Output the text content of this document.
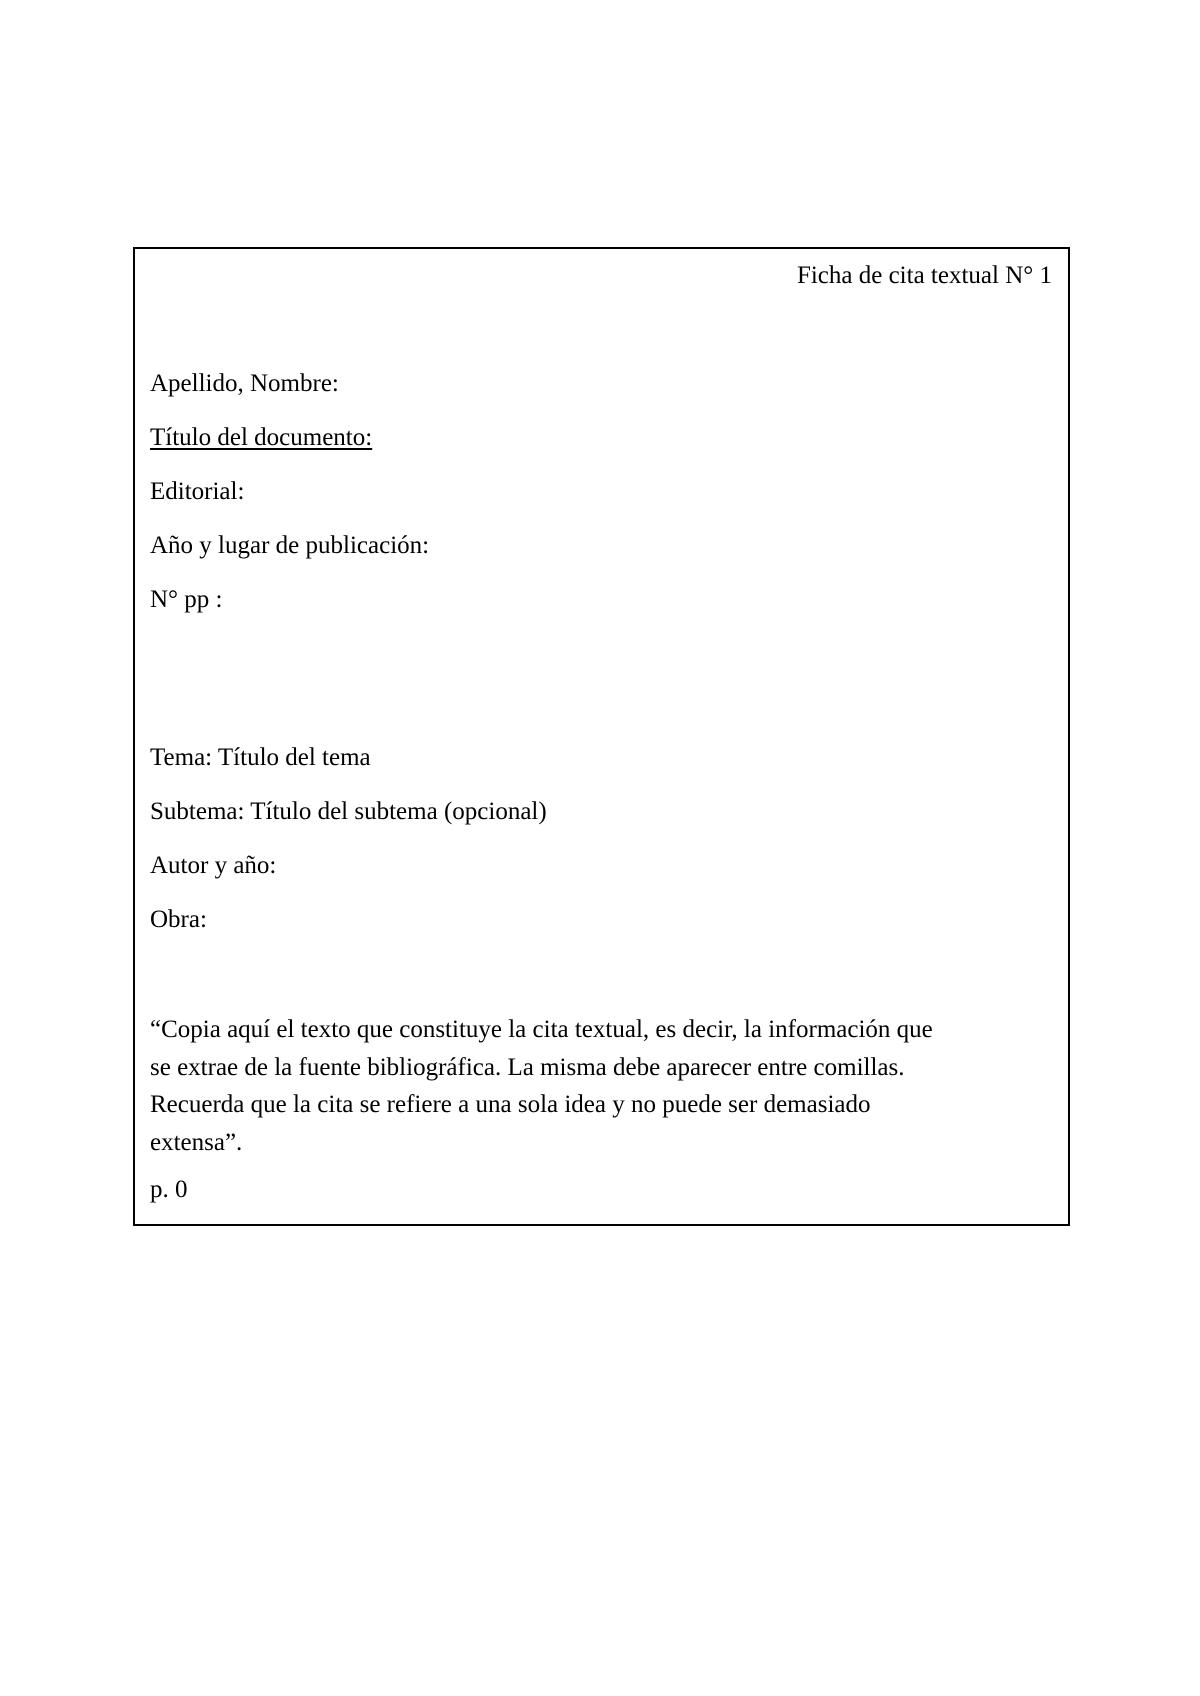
Ficha de cita textual N° 1
Apellido, Nombre:
Título del documento:
Editorial:
Año y lugar de publicación:
N° pp :
Tema: Título del tema
Subtema: Título del subtema (opcional)
Autor y año:
Obra:
“Copia aquí el texto que constituye la cita textual, es decir, la información que
se extrae de la fuente bibliográfica. La misma debe aparecer entre comillas.
Recuerda que la cita se refiere a una sola idea y no puede ser demasiado
extensa”.
p. 0
